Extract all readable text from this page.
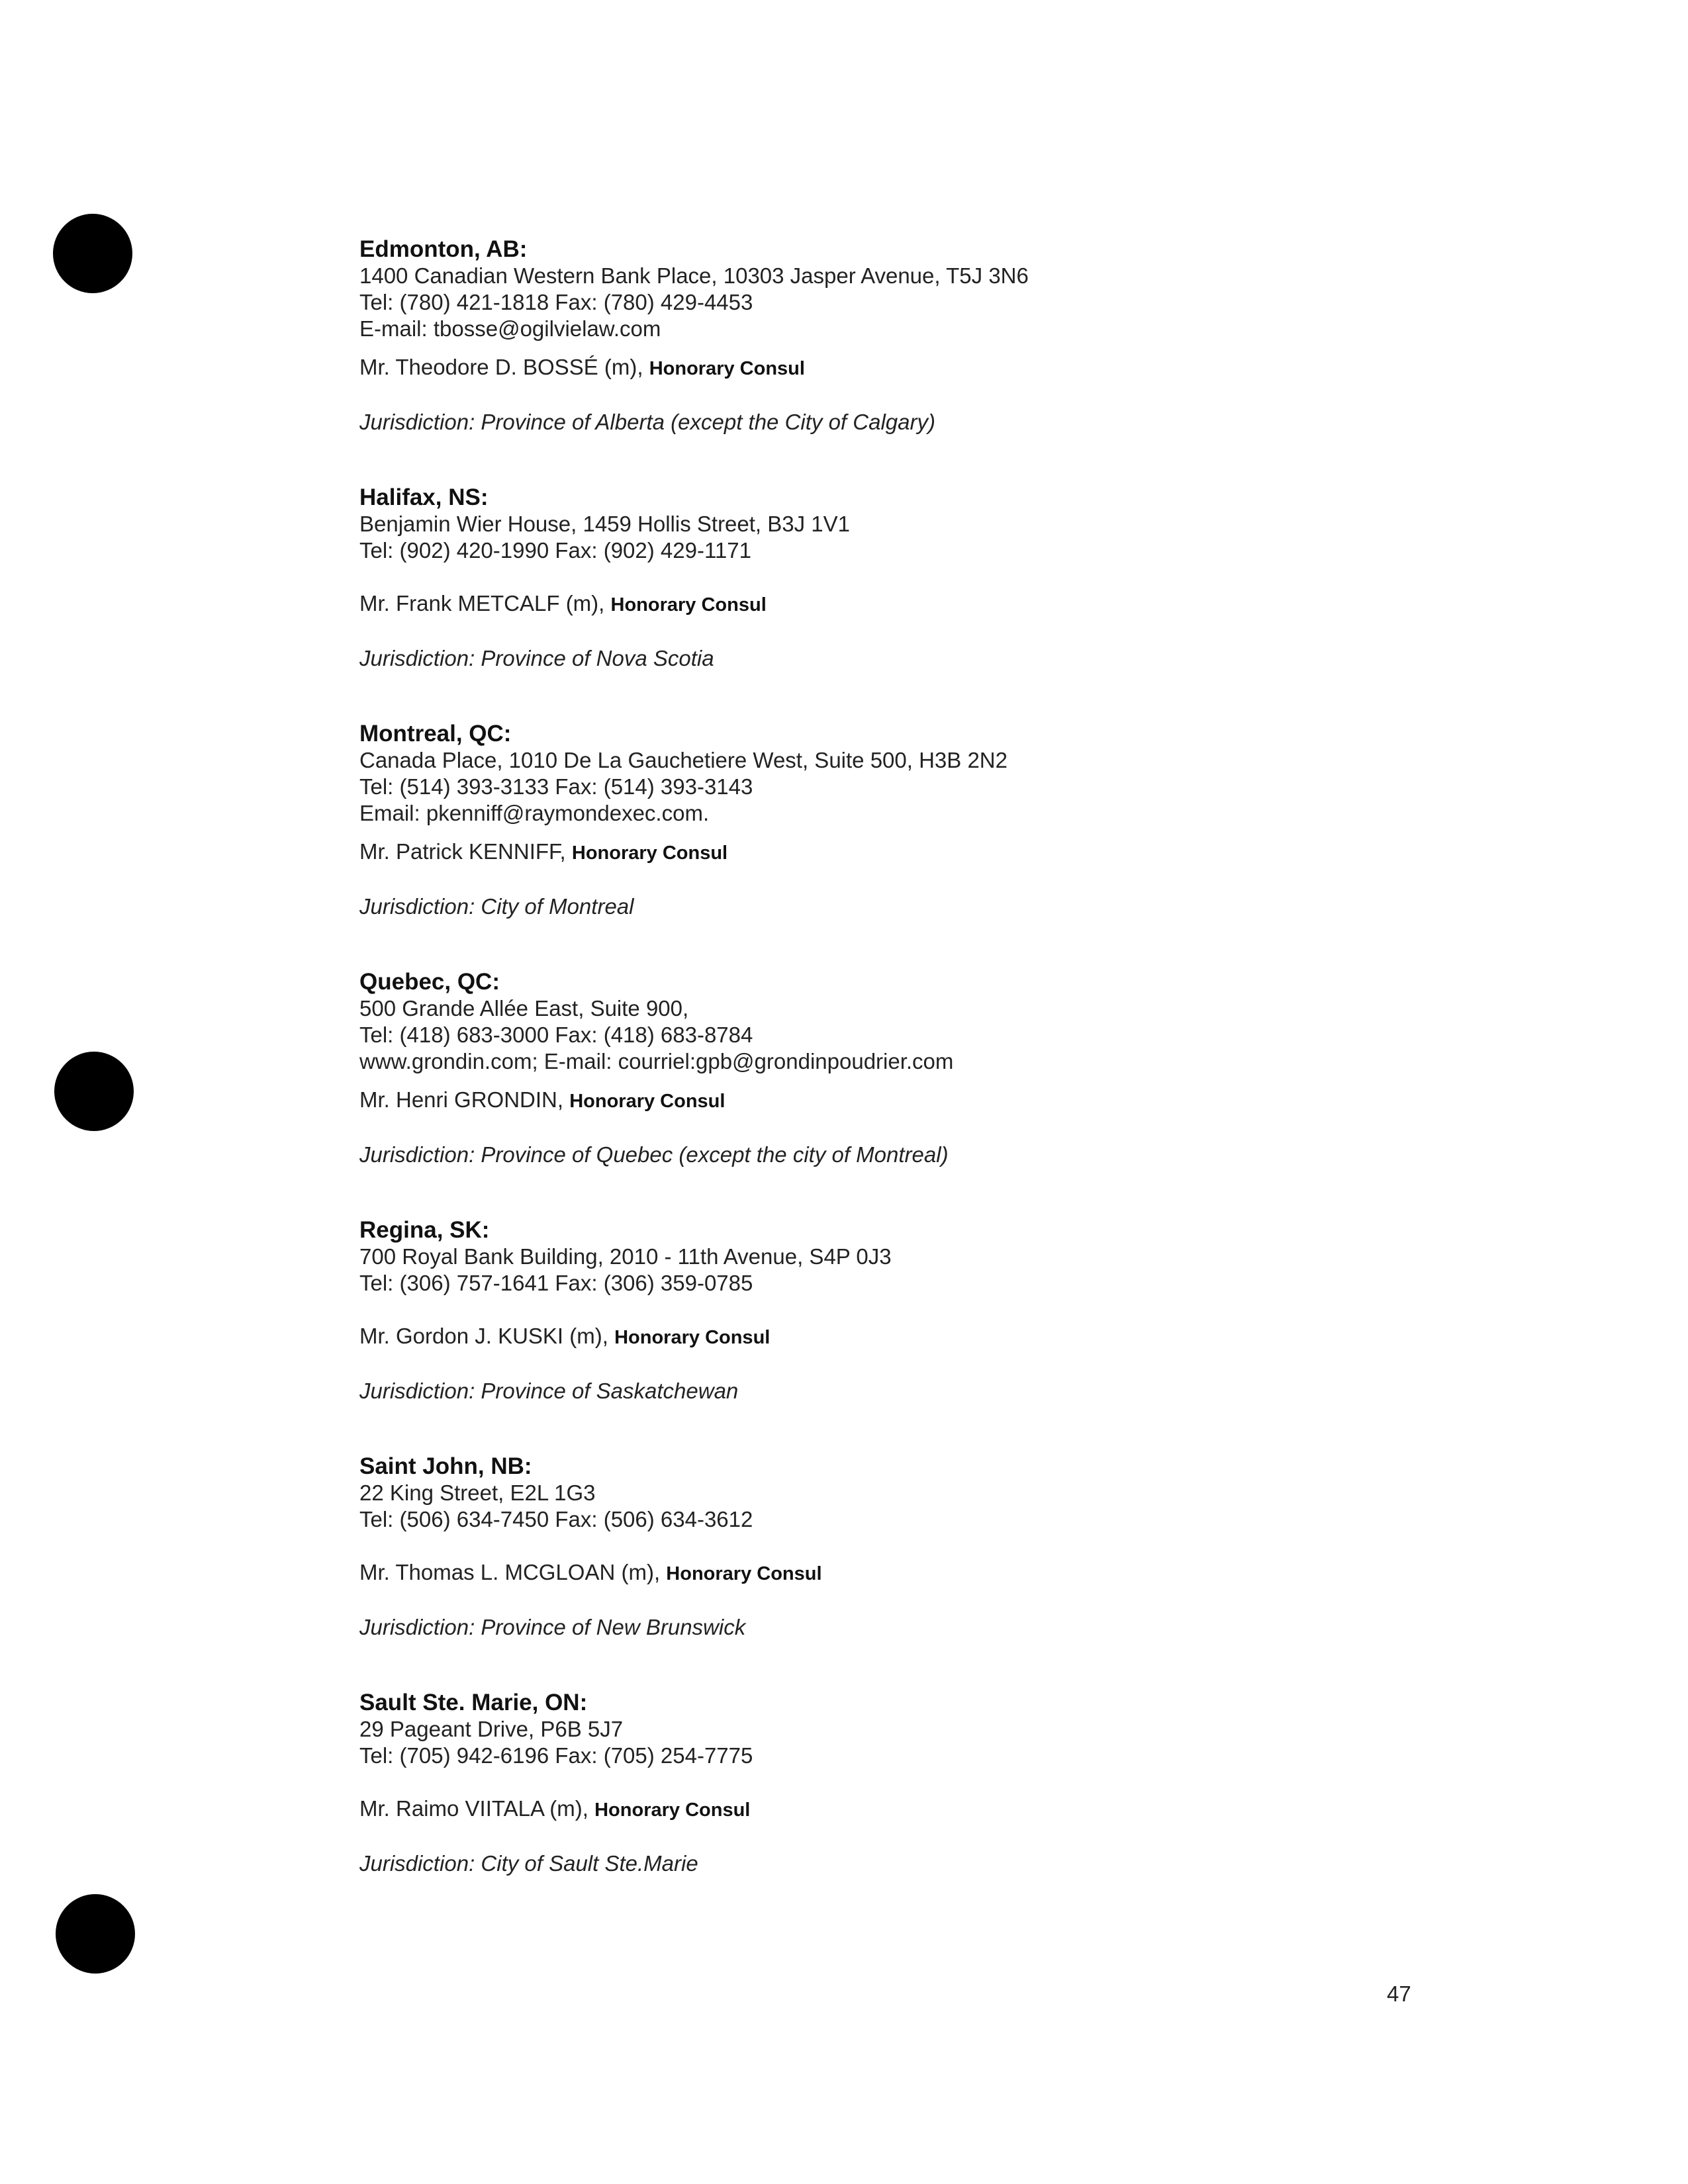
Edmonton, AB:
1400 Canadian Western Bank Place, 10303 Jasper Avenue, T5J 3N6
Tel: (780) 421-1818 Fax: (780) 429-4453
E-mail: tbosse@ogilvielaw.com
Mr. Theodore D. BOSSÉ (m), Honorary Consul
Jurisdiction: Province of Alberta (except the City of Calgary)
Halifax, NS:
Benjamin Wier House, 1459 Hollis Street, B3J 1V1
Tel: (902) 420-1990 Fax: (902) 429-1171
Mr. Frank METCALF (m), Honorary Consul
Jurisdiction: Province of Nova Scotia
Montreal, QC:
Canada Place, 1010 De La Gauchetiere West, Suite 500, H3B 2N2
Tel: (514) 393-3133 Fax: (514) 393-3143
Email: pkenniff@raymondexec.com.
Mr. Patrick KENNIFF, Honorary Consul
Jurisdiction: City of Montreal
Quebec, QC:
500 Grande Allée East, Suite 900,
Tel: (418) 683-3000 Fax: (418) 683-8784
www.grondin.com; E-mail: courriel:gpb@grondinpoudrier.com
Mr. Henri GRONDIN, Honorary Consul
Jurisdiction: Province of Quebec (except the city of Montreal)
Regina, SK:
700 Royal Bank Building, 2010 - 11th Avenue, S4P 0J3
Tel: (306) 757-1641 Fax: (306) 359-0785
Mr. Gordon J. KUSKI (m), Honorary Consul
Jurisdiction: Province of Saskatchewan
Saint John, NB:
22 King Street, E2L 1G3
Tel: (506) 634-7450 Fax: (506) 634-3612
Mr. Thomas L. MCGLOAN (m), Honorary Consul
Jurisdiction: Province of New Brunswick
Sault Ste. Marie, ON:
29 Pageant Drive, P6B 5J7
Tel: (705) 942-6196 Fax: (705) 254-7775
Mr. Raimo VIITALA (m), Honorary Consul
Jurisdiction: City of Sault Ste.Marie
47
